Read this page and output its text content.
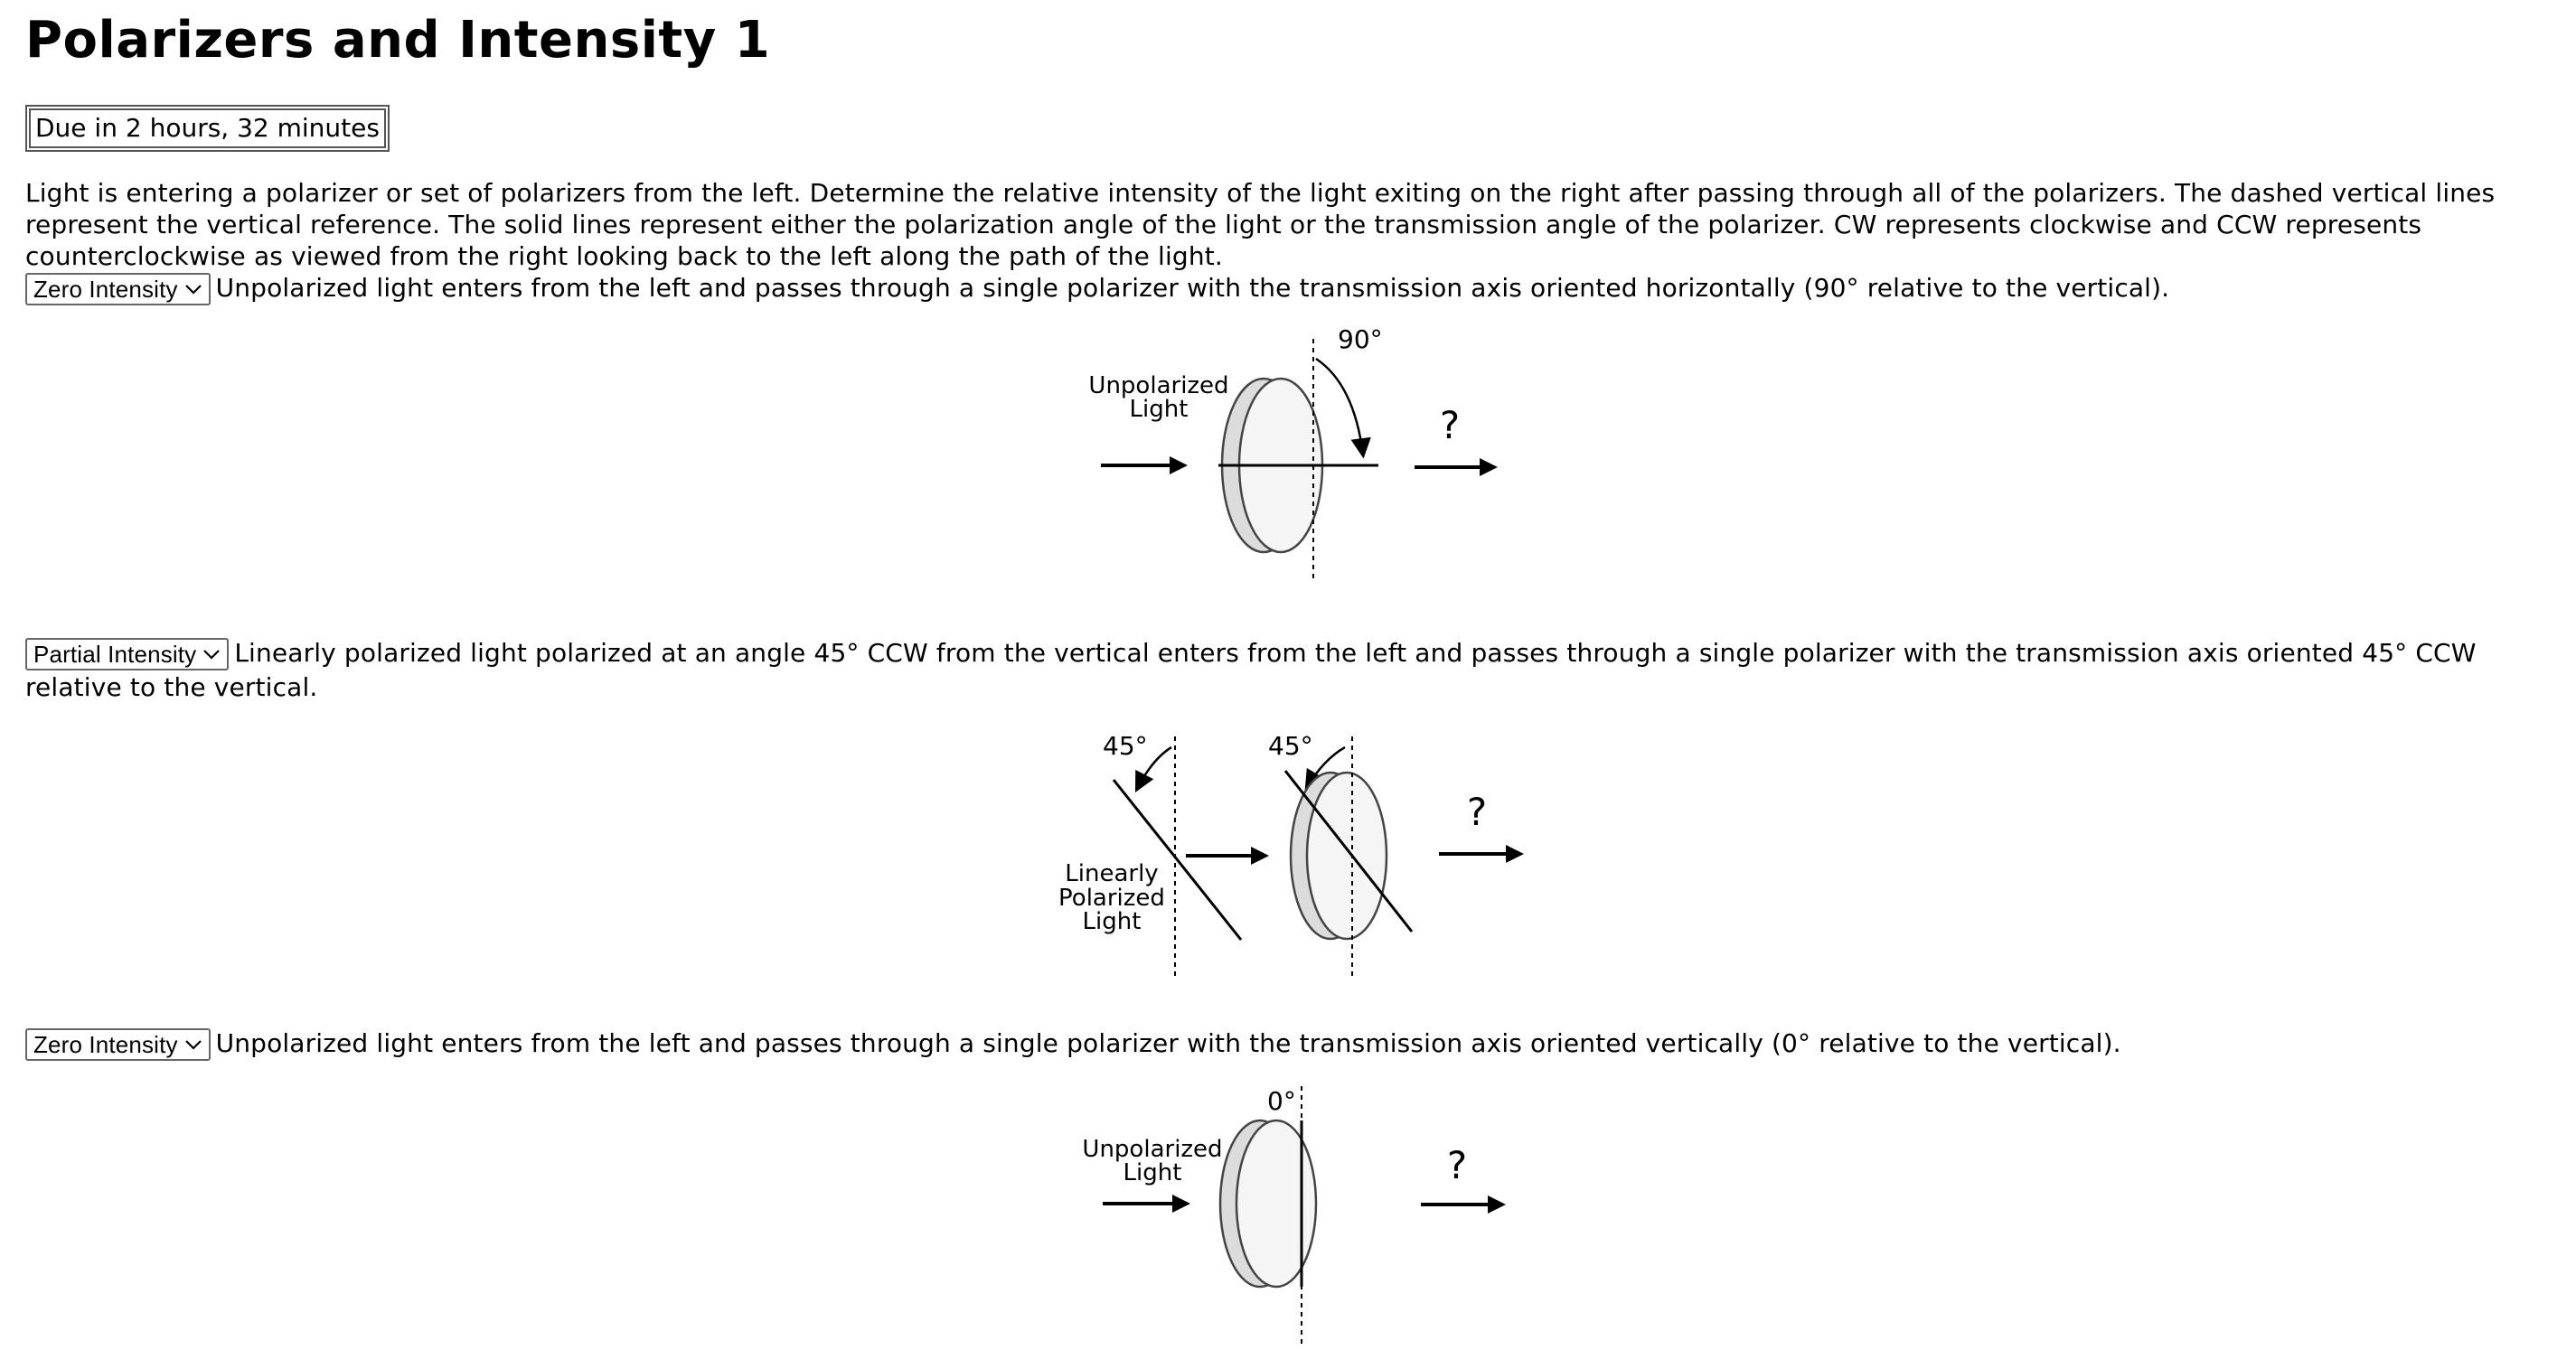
Polarizers and Intensity 1
Due in 2 hours, 32 minutes

Light is entering a polarizer or set of polarizers from the left. Determine the relative intensity of the light exiting on the right after passing through all of the polarizers. The dashed vertical lines represent the vertical reference. The solid lines represent either the polarization angle of the light or the transmission angle of the polarizer. CW represents clockwise and CCW represents counterclockwise as viewed from the right looking back to the left along the path of the light.

Zero Intensity Unpolarized light enters from the left and passes through a single polarizer with the transmission axis oriented horizontally (90° relative to the vertical).

Unpolarized
Light
90°
?

Partial Intensity Linearly polarized light polarized at an angle 45° CCW from the vertical enters from the left and passes through a single polarizer with the transmission axis oriented 45° CCW relative to the vertical.

45°
Linearly
Polarized
Light
45°
?

Zero Intensity Unpolarized light enters from the left and passes through a single polarizer with the transmission axis oriented vertically (0° relative to the vertical).

0°
Unpolarized
Light	?
